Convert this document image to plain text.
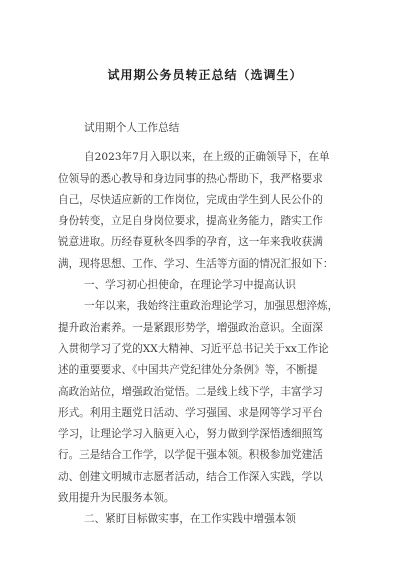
试用期公务员转正总结（选调生）
试用期个人工作总结
自2023年7月入职以来，在上级的正确领导下，在单
位领导的悉心教导和身边同事的热心帮助下，我严格要求
自己，尽快适应新的工作岗位，完成由学生到人民公仆的
身份转变，立足自身岗位要求，提高业务能力，踏实工作
锐意进取。历经春夏秋冬四季的孕育，这一年来我收获满
满，现将思想、工作、学习、生活等方面的情况汇报如下：
一、学习初心担使命，在理论学习中提高认识
一年以来，我始终注重政治理论学习，加强思想淬炼，
提升政治素养。一是紧跟形势学，增强政治意识。全面深
入贯彻学习了党的XX大精神、习近平总书记关于xx工作论
述的重要要求、《中国共产党纪律处分条例》等，不断提
高政治站位，增强政治觉悟。二是线上线下学，丰富学习
形式。利用主题党日活动、学习强国、求是网等学习平台
学习，让理论学习入脑更入心，努力做到学深悟透细照笃
行。三是结合工作学，以学促干强本领。积极参加党建活
动、创建文明城市志愿者活动，结合工作深入实践，学以
致用提升为民服务本领。
二、紧盯目标做实事，在工作实践中增强本领
